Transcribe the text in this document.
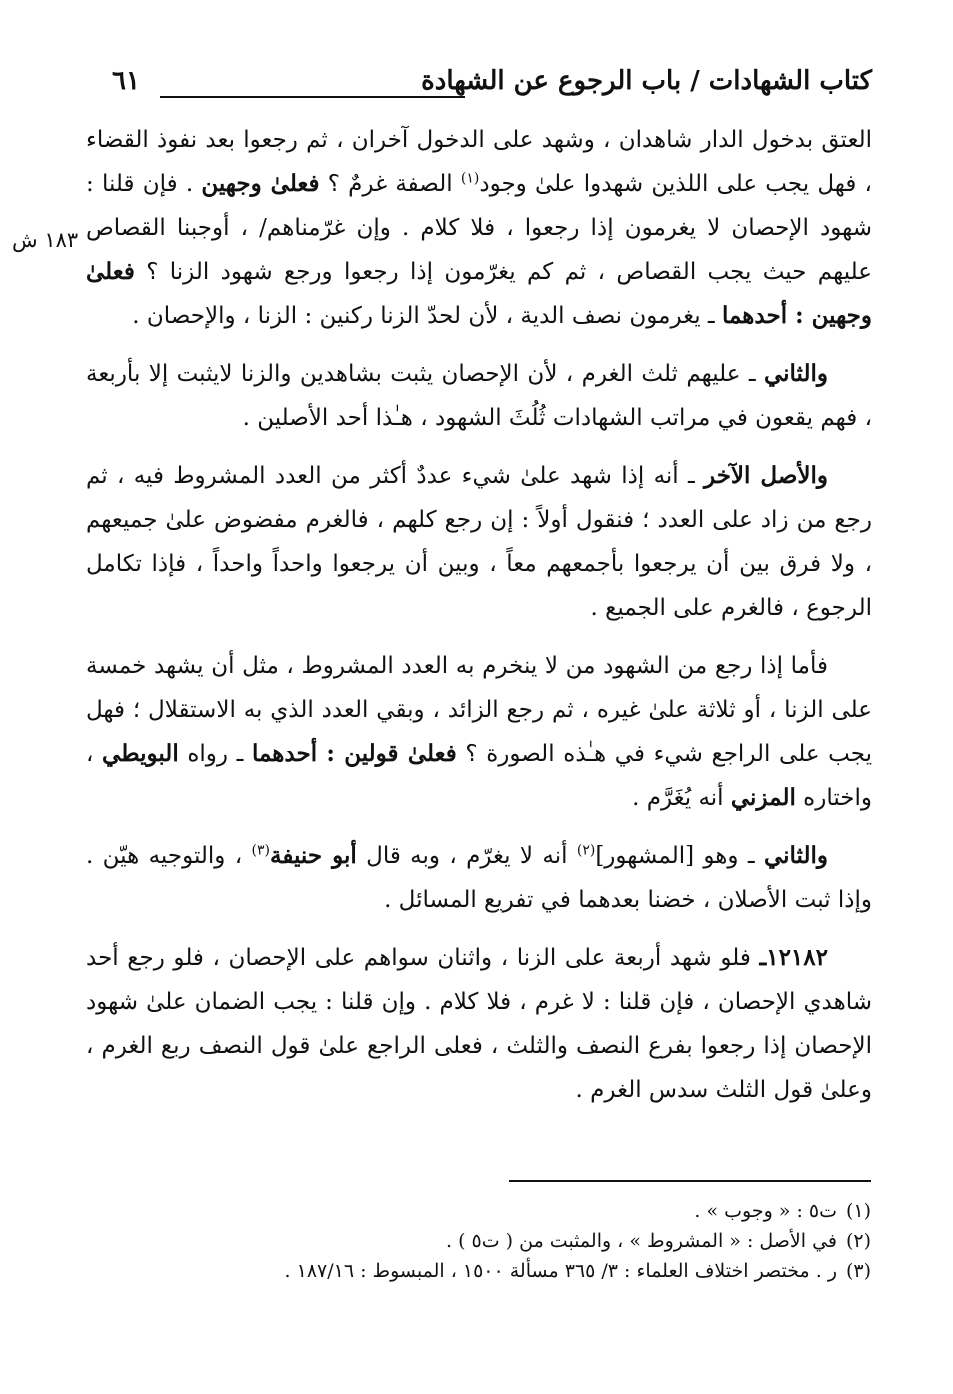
كتاب الشهادات / باب الرجوع عن الشهادة
٦١
١٨٣ ش

العتق بدخول الدار شاهدان ، وشهد على الدخول آخران ، ثم رجعوا بعد نفوذ القضاء ، فهل يجب على اللذين شهدوا علىٰ وجود$^{(١)}$ الصفة غرمٌ ؟ فعلىٰ وجهين . فإن قلنا : شهود الإحصان لا يغرمون إذا رجعوا ، فلا كلام . وإن غرّمناهم/ ، أوجبنا القصاص عليهم حيث يجب القصاص ، ثم كم يغرّمون إذا رجعوا ورجع شهود الزنا ؟ فعلىٰ وجهين : أحدهما ـ يغرمون نصف الدية ، لأن لحدّ الزنا ركنين : الزنا ، والإحصان .

والثاني ـ عليهم ثلث الغرم ، لأن الإحصان يثبت بشاهدين والزنا لايثبت إلا بأربعة ، فهم يقعون في مراتب الشهادات ثُلُثَ الشهود ، هـٰذا أحد الأصلين .

والأصل الآخر ـ أنه إذا شهد علىٰ شيء عددٌ أكثر من العدد المشروط فيه ، ثم رجع من زاد على العدد ؛ فنقول أولاً : إن رجع كلهم ، فالغرم مفضوض علىٰ جميعهم ، ولا فرق بين أن يرجعوا بأجمعهم معاً ، وبين أن يرجعوا واحداً واحداً ، فإذا تكامل الرجوع ، فالغرم على الجميع .

فأما إذا رجع من الشهود من لا ينخرم به العدد المشروط ، مثل أن يشهد خمسة على الزنا ، أو ثلاثة علىٰ غيره ، ثم رجع الزائد ، وبقي العدد الذي به الاستقلال ؛ فهل يجب على الراجع شيء في هـٰذه الصورة ؟ فعلىٰ قولين : أحدهما ـ رواه البويطي ، واختاره المزني أنه يُغَرَّم .

والثاني ـ وهو [المشهور]$^{(٢)}$ أنه لا يغرّم ، وبه قال أبو حنيفة$^{(٣)}$ ، والتوجيه هيّن . وإذا ثبت الأصلان ، خضنا بعدهما في تفريع المسائل .

١٢١٨٢ـ فلو شهد أربعة على الزنا ، واثنان سواهم على الإحصان ، فلو رجع أحد شاهدي الإحصان ، فإن قلنا : لا غرم ، فلا كلام . وإن قلنا : يجب الضمان علىٰ شهود الإحصان إذا رجعوا بفرع النصف والثلث ، فعلى الراجع علىٰ قول النصف ربع الغرم ، وعلىٰ قول الثلث سدس الغرم .

(١)ت٥ : « وجوب » .
(٢)في الأصل : « المشروط » ، والمثبت من ( ت٥ ) .
(٣)ر . مختصر اختلاف العلماء : ٣/ ٣٦٥ مسألة ١٥٠٠ ، المبسوط : ١٨٧/١٦ .
